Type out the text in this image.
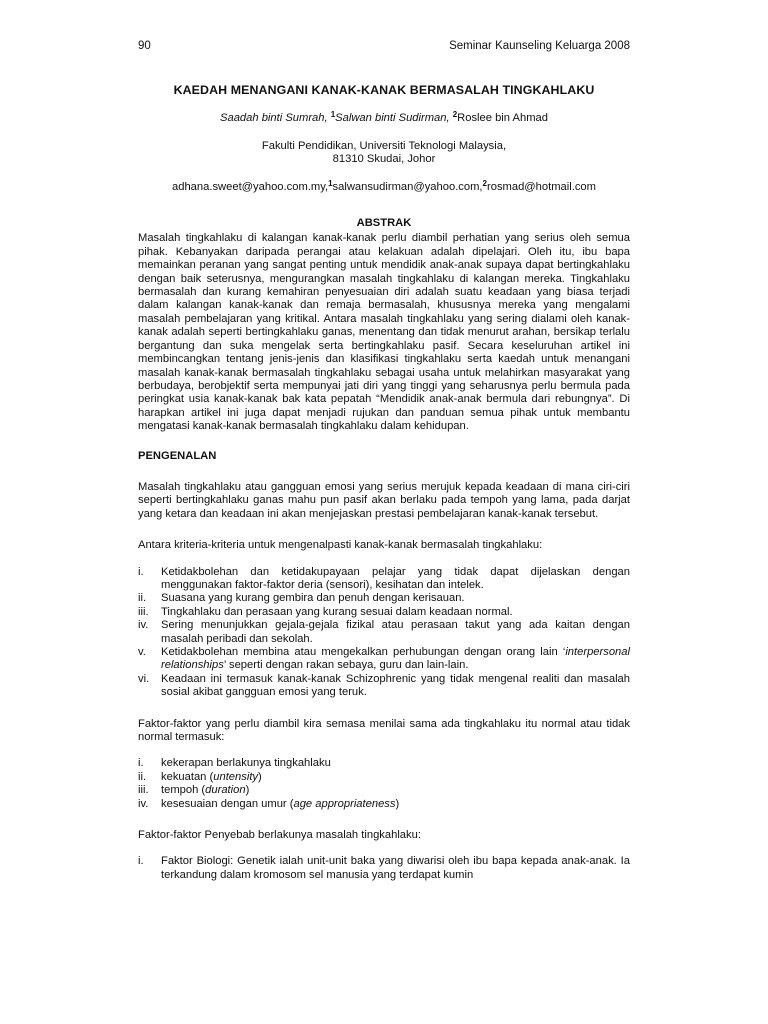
90	Seminar Kaunseling Keluarga 2008
KAEDAH MENANGANI KANAK-KANAK BERMASALAH TINGKAHLAKU
Saadah binti Sumrah, $^1$Salwan binti Sudirman, $^2$Roslee bin Ahmad
Fakulti Pendidikan, Universiti Teknologi Malaysia,
81310 Skudai, Johor
adhana.sweet@yahoo.com.my,$^1$salwansudirman@yahoo.com,$^2$rosmad@hotmail.com
ABSTRAK

Masalah tingkahlaku di kalangan kanak-kanak perlu diambil perhatian yang serius oleh semua pihak. Kebanyakan daripada perangai atau kelakuan adalah dipelajari. Oleh itu, ibu bapa memainkan peranan yang sangat penting untuk mendidik anak-anak supaya dapat bertingkahlaku dengan baik seterusnya, mengurangkan masalah tingkahlaku di kalangan mereka. Tingkahlaku bermasalah dan kurang kemahiran penyesuaian diri adalah suatu keadaan yang biasa terjadi dalam kalangan kanak-kanak dan remaja bermasalah, khususnya mereka yang mengalami masalah pembelajaran yang kritikal. Antara masalah tingkahlaku yang sering dialami oleh kanak-kanak adalah seperti bertingkahlaku ganas, menentang dan tidak menurut arahan, bersikap terlalu bergantung dan suka mengelak serta bertingkahlaku pasif. Secara keseluruhan artikel ini membincangkan tentang jenis-jenis dan klasifikasi tingkahlaku serta kaedah untuk menangani masalah kanak-kanak bermasalah tingkahlaku sebagai usaha untuk melahirkan masyarakat yang berbudaya, berobjektif serta mempunyai jati diri yang tinggi yang seharusnya perlu bermula pada peringkat usia kanak-kanak bak kata pepatah “Mendidik anak-anak bermula dari rebungnya”. Di harapkan artikel ini juga dapat menjadi rujukan dan panduan semua pihak untuk membantu mengatasi kanak-kanak bermasalah tingkahlaku dalam kehidupan.

PENGENALAN

Masalah tingkahlaku atau gangguan emosi yang serius merujuk kepada keadaan di mana ciri-ciri seperti bertingkahlaku ganas mahu pun pasif akan berlaku pada tempoh yang lama, pada darjat yang ketara dan keadaan ini akan menjejaskan prestasi pembelajaran kanak-kanak tersebut.

Antara kriteria-kriteria untuk mengenalpasti kanak-kanak bermasalah tingkahlaku:

i.	Ketidakbolehan dan ketidakupayaan pelajar yang tidak dapat dijelaskan dengan menggunakan faktor-faktor deria (sensori), kesihatan dan intelek.
ii.	Suasana yang kurang gembira dan penuh dengan kerisauan.
iii.	Tingkahlaku dan perasaan yang kurang sesuai dalam keadaan normal.
iv.	Sering menunjukkan gejala-gejala fizikal atau perasaan takut yang ada kaitan dengan masalah peribadi dan sekolah.
v.	Ketidakbolehan membina atau mengekalkan perhubungan dengan orang lain ‘interpersonal relationships’ seperti dengan rakan sebaya, guru dan lain-lain.
vi.	Keadaan ini termasuk kanak-kanak Schizophrenic yang tidak mengenal realiti dan masalah sosial akibat gangguan emosi yang teruk.

Faktor-faktor yang perlu diambil kira semasa menilai sama ada tingkahlaku itu normal atau tidak normal termasuk:

i.	kekerapan berlakunya tingkahlaku
ii.	kekuatan (untensity)
iii.	tempoh (duration)
iv.	kesesuaian dengan umur (age appropriateness)

Faktor-faktor Penyebab berlakunya masalah tingkahlaku:

i.	Faktor Biologi: Genetik ialah unit-unit baka yang diwarisi oleh ibu bapa kepada anak-anak. Ia terkandung dalam kromosom sel manusia yang terdapat kumin
